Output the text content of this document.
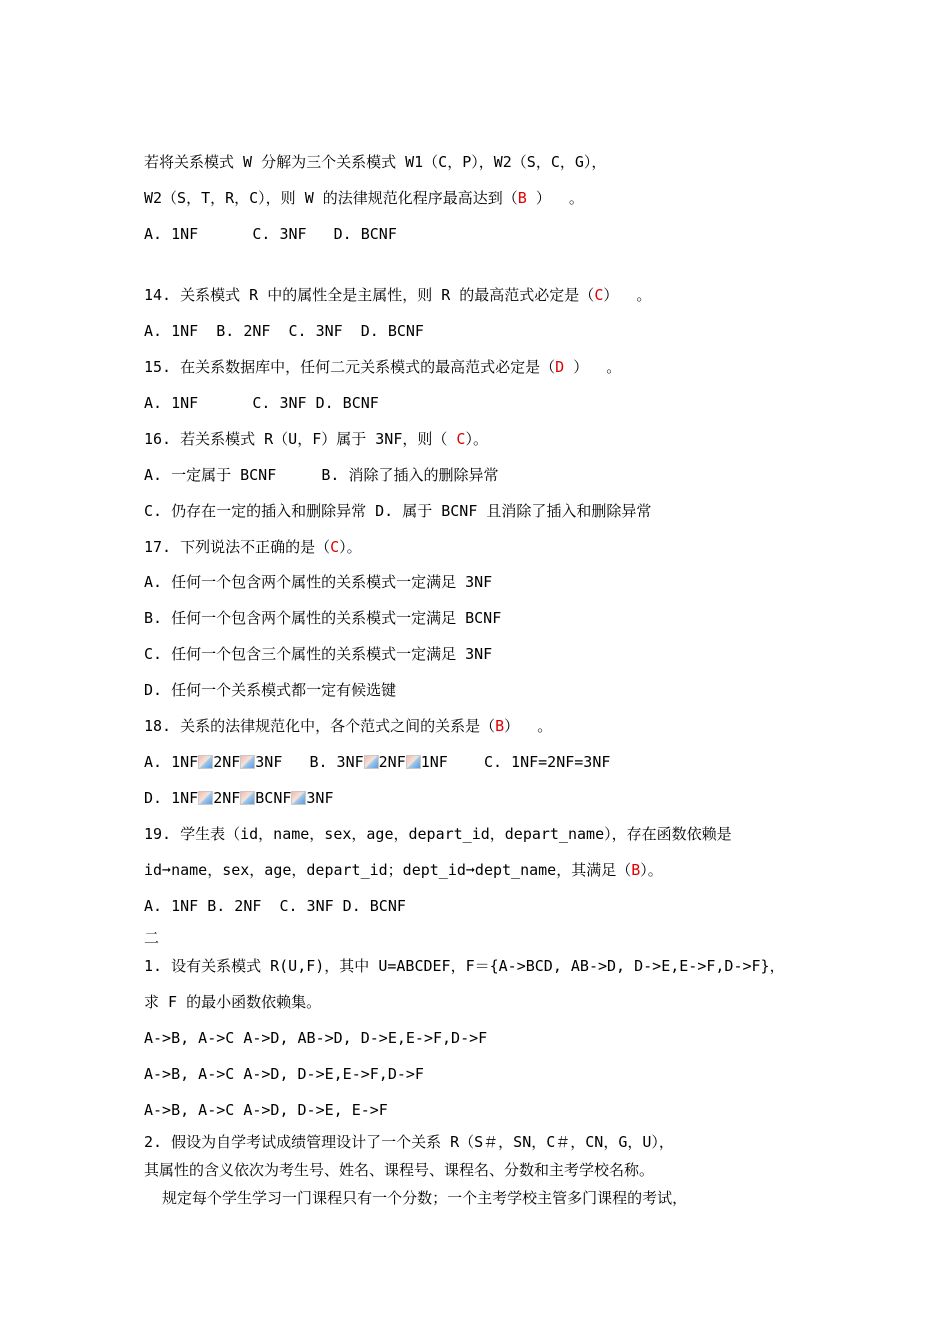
若将关系模式 W 分解为三个关系模式 W1（C，P），W2（S，C，G），
W2（S，T，R，C），则 W 的法律规范化程序最高达到（B ）  。
A. 1NF      C. 3NF   D. BCNF
14. 关系模式 R 中的属性全是主属性，则 R 的最高范式必定是（C）  。
A. 1NF  B. 2NF  C. 3NF  D. BCNF
15. 在关系数据库中，任何二元关系模式的最高范式必定是（D ）  。
A. 1NF      C. 3NF D. BCNF
16. 若关系模式 R（U，F）属于 3NF，则（ C）。
A. 一定属于 BCNF     B. 消除了插入的删除异常
C. 仍存在一定的插入和删除异常 D. 属于 BCNF 且消除了插入和删除异常
17. 下列说法不正确的是（C）。
A. 任何一个包含两个属性的关系模式一定满足 3NF
B. 任何一个包含两个属性的关系模式一定满足 BCNF
C. 任何一个包含三个属性的关系模式一定满足 3NF
D. 任何一个关系模式都一定有候选键
18. 关系的法律规范化中，各个范式之间的关系是（B）  。
A. 1NF 2NF 3NF   B. 3NF 2NF 1NF    C. 1NF=2NF=3NF
D. 1NF 2NF BCNF 3NF
19. 学生表（id，name，sex，age，depart_id，depart_name），存在函数依赖是
id➞name，sex，age，depart_id；dept_id➞dept_name，其满足（B）。
A. 1NF B. 2NF  C. 3NF D. BCNF
二
1. 设有关系模式 R(U,F)，其中 U=ABCDEF，F＝{A->BCD, AB->D, D->E,E->F,D->F}，
求 F 的最小函数依赖集。
A->B, A->C A->D, AB->D, D->E,E->F,D->F
A->B, A->C A->D, D->E,E->F,D->F
A->B, A->C A->D, D->E, E->F
2. 假设为自学考试成绩管理设计了一个关系 R（S＃，SN，C＃，CN，G，U），
其属性的含义依次为考生号、姓名、课程号、课程名、分数和主考学校名称。
规定每个学生学习一门课程只有一个分数；一个主考学校主管多门课程的考试，
